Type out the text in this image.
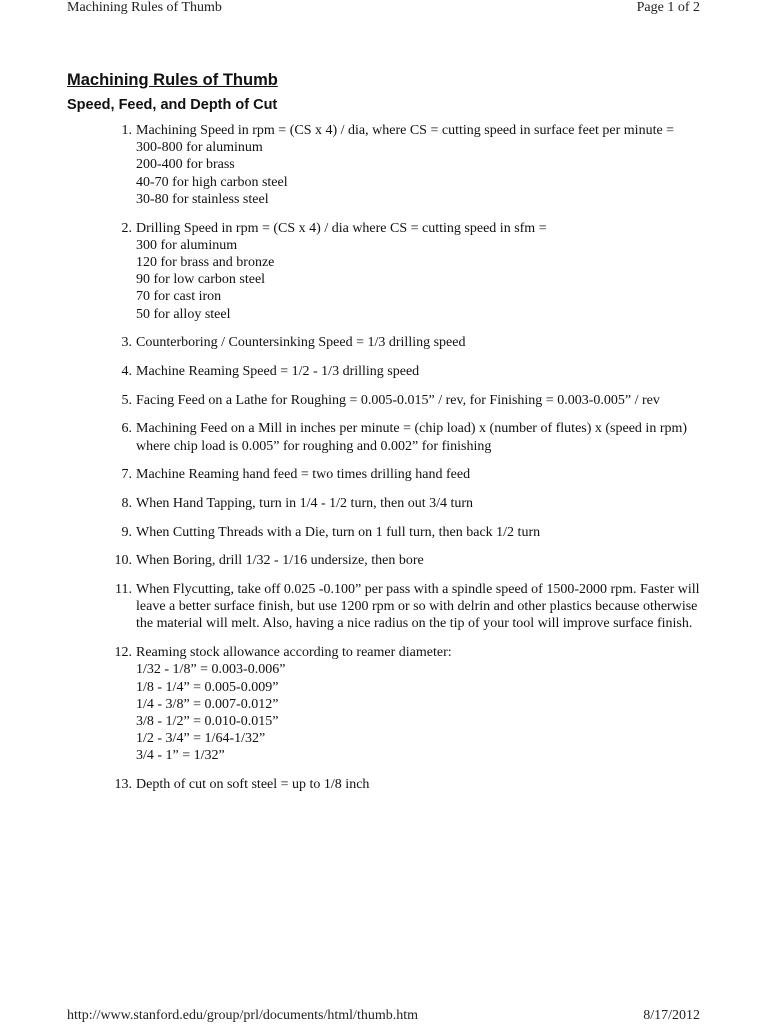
Machining Rules of Thumb	Page 1 of 2
Machining Rules of Thumb
Speed, Feed, and Depth of Cut
1. Machining Speed in rpm = (CS x 4) / dia, where CS = cutting speed in surface feet per minute =
300-800 for aluminum
200-400 for brass
40-70 for high carbon steel
30-80 for stainless steel
2. Drilling Speed in rpm = (CS x 4) / dia where CS = cutting speed in sfm =
300 for aluminum
120 for brass and bronze
90 for low carbon steel
70 for cast iron
50 for alloy steel
3. Counterboring / Countersinking Speed = 1/3 drilling speed
4. Machine Reaming Speed = 1/2 - 1/3 drilling speed
5. Facing Feed on a Lathe for Roughing = 0.005-0.015” / rev, for Finishing = 0.003-0.005” / rev
6. Machining Feed on a Mill in inches per minute = (chip load) x (number of flutes) x (speed in rpm) where chip load is 0.005” for roughing and 0.002” for finishing
7. Machine Reaming hand feed = two times drilling hand feed
8. When Hand Tapping, turn in 1/4 - 1/2 turn, then out 3/4 turn
9. When Cutting Threads with a Die, turn on 1 full turn, then back 1/2 turn
10. When Boring, drill 1/32 - 1/16 undersize, then bore
11. When Flycutting, take off 0.025 -0.100” per pass with a spindle speed of 1500-2000 rpm. Faster will leave a better surface finish, but use 1200 rpm or so with delrin and other plastics because otherwise the material will melt. Also, having a nice radius on the tip of your tool will improve surface finish.
12. Reaming stock allowance according to reamer diameter:
1/32 - 1/8” = 0.003-0.006”
1/8 - 1/4” = 0.005-0.009”
1/4 - 3/8” = 0.007-0.012”
3/8 - 1/2” = 0.010-0.015”
1/2 - 3/4” = 1/64-1/32”
3/4 - 1” = 1/32”
13. Depth of cut on soft steel = up to 1/8 inch
http://www.stanford.edu/group/prl/documents/html/thumb.htm	8/17/2012
